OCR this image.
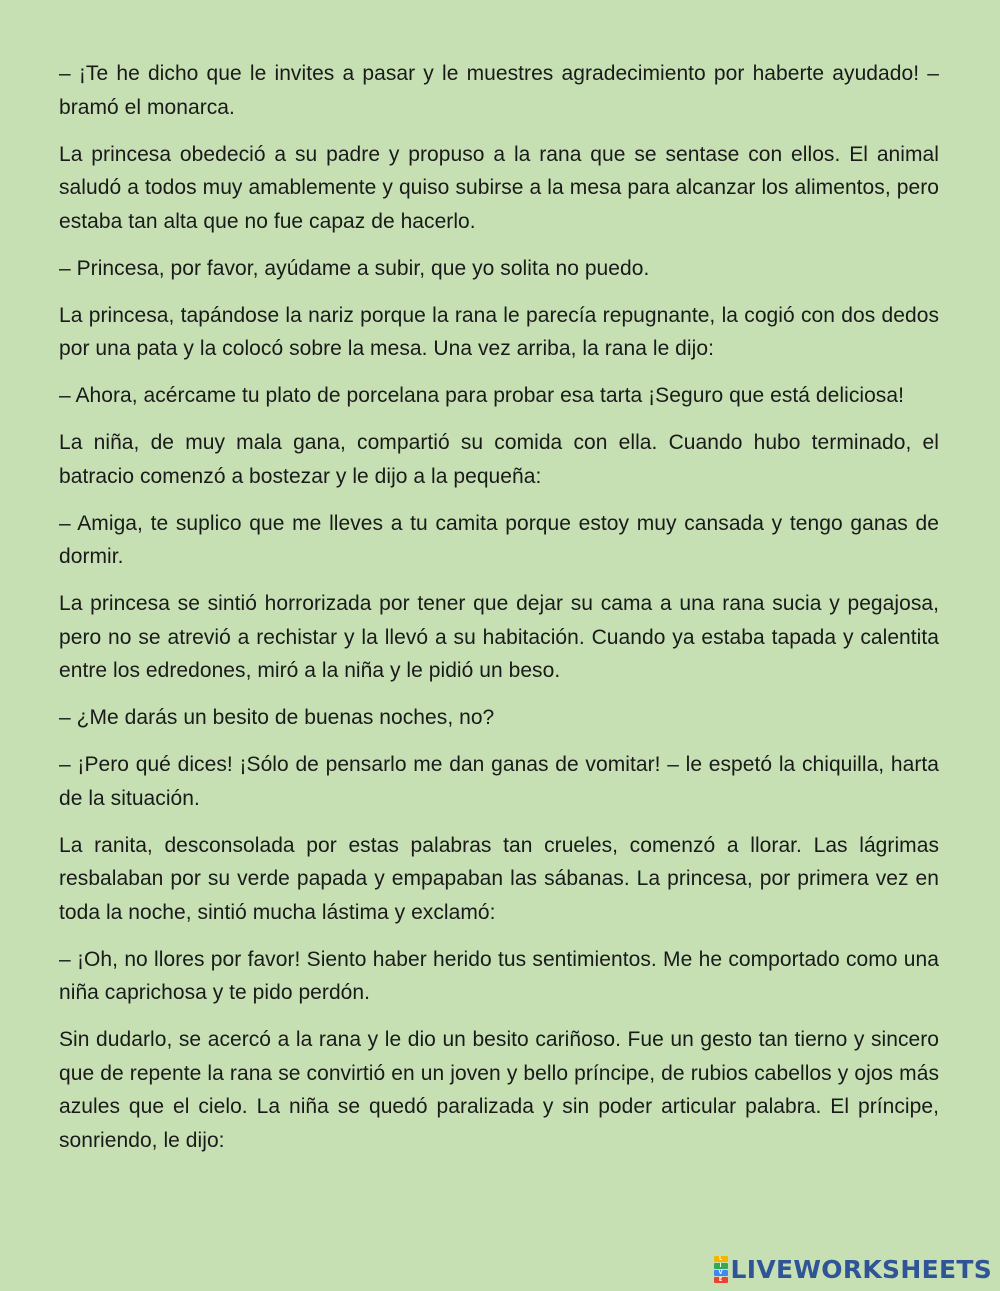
– ¡Te he dicho que le invites a pasar y le muestres agradecimiento por haberte ayudado! – bramó el monarca.

La princesa obedeció a su padre y propuso a la rana que se sentase con ellos. El animal saludó a todos muy amablemente y quiso subirse a la mesa para alcanzar los alimentos, pero estaba tan alta que no fue capaz de hacerlo.

– Princesa, por favor, ayúdame a subir, que yo solita no puedo.

La princesa, tapándose la nariz porque la rana le parecía repugnante, la cogió con dos dedos por una pata y la colocó sobre la mesa. Una vez arriba, la rana le dijo:

– Ahora, acércame tu plato de porcelana para probar esa tarta ¡Seguro que está deliciosa!

La niña, de muy mala gana, compartió su comida con ella. Cuando hubo terminado, el batracio comenzó a bostezar y le dijo a la pequeña:

– Amiga, te suplico que me lleves a tu camita porque estoy muy cansada y tengo ganas de dormir.

La princesa se sintió horrorizada por tener que dejar su cama a una rana sucia y pegajosa, pero no se atrevió a rechistar y la llevó a su habitación. Cuando ya estaba tapada y calentita entre los edredones, miró a la niña y le pidió un beso.

– ¿Me darás un besito de buenas noches, no?

– ¡Pero qué dices! ¡Sólo de pensarlo me dan ganas de vomitar! – le espetó la chiquilla, harta de la situación.

La ranita, desconsolada por estas palabras tan crueles, comenzó a llorar. Las lágrimas resbalaban por su verde papada y empapaban las sábanas. La princesa, por primera vez en toda la noche, sintió mucha lástima y exclamó:

– ¡Oh, no llores por favor! Siento haber herido tus sentimientos. Me he comportado como una niña caprichosa y te pido perdón.

Sin dudarlo, se acercó a la rana y le dio un besito cariñoso. Fue un gesto tan tierno y sincero que de repente la rana se convirtió en un joven y bello príncipe, de rubios cabellos y ojos más azules que el cielo. La niña se quedó paralizada y sin poder articular palabra. El príncipe, sonriendo, le dijo:

L
I
V
E LIVEWORKSHEETS
